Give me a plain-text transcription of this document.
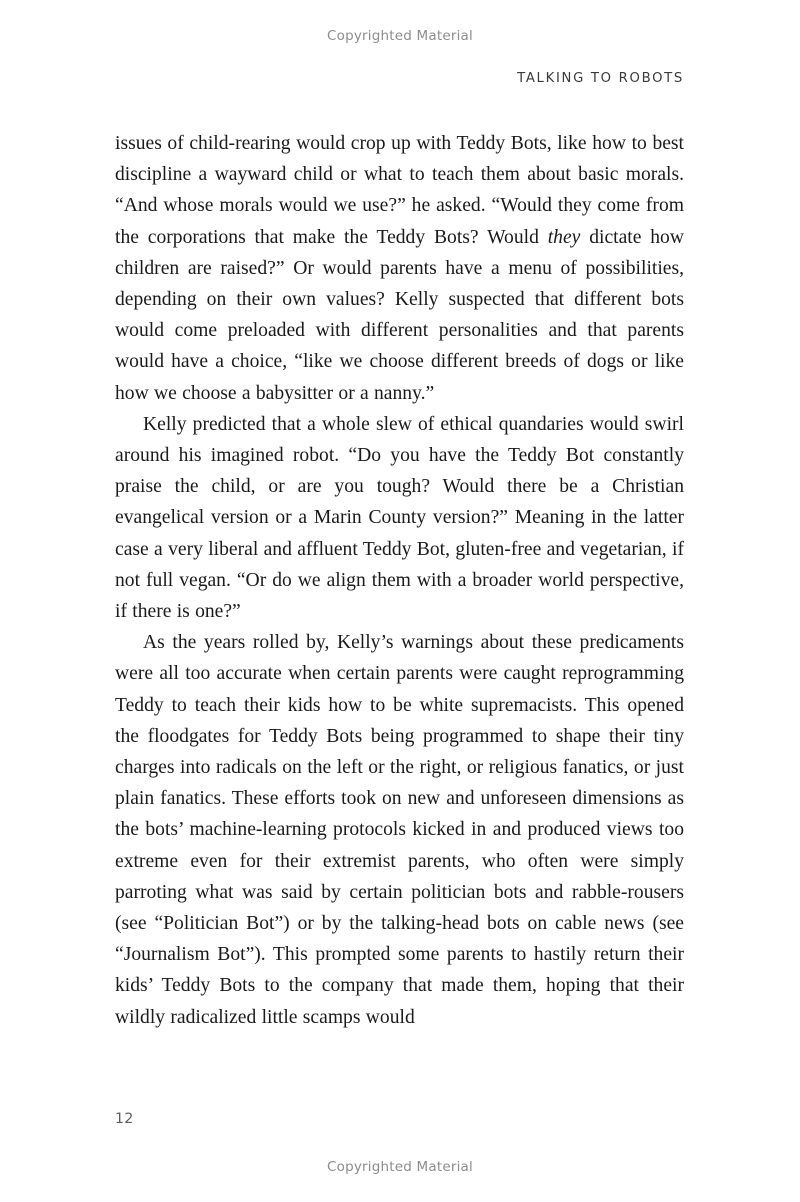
Copyrighted Material
TALKING TO ROBOTS

issues of child-rearing would crop up with Teddy Bots, like how to best discipline a wayward child or what to teach them about basic morals. “And whose morals would we use?” he asked. “Would they come from the corporations that make the Teddy Bots? Would they dictate how children are raised?” Or would parents have a menu of possibilities, depending on their own values? Kelly suspected that different bots would come preloaded with different personalities and that parents would have a choice, “like we choose different breeds of dogs or like how we choose a babysitter or a nanny.”

Kelly predicted that a whole slew of ethical quandaries would swirl around his imagined robot. “Do you have the Teddy Bot constantly praise the child, or are you tough? Would there be a Christian evangelical version or a Marin County version?” Meaning in the latter case a very liberal and affluent Teddy Bot, gluten-free and vegetarian, if not full vegan. “Or do we align them with a broader world perspective, if there is one?”

As the years rolled by, Kelly’s warnings about these predicaments were all too accurate when certain parents were caught reprogramming Teddy to teach their kids how to be white supremacists. This opened the floodgates for Teddy Bots being programmed to shape their tiny charges into radicals on the left or the right, or religious fanatics, or just plain fanatics. These efforts took on new and unforeseen dimensions as the bots’ machine-learning protocols kicked in and produced views too extreme even for their extremist parents, who often were simply parroting what was said by certain politician bots and rabble-rousers (see “Politician Bot”) or by the talking-head bots on cable news (see “Journalism Bot”). This prompted some parents to hastily return their kids’ Teddy Bots to the company that made them, hoping that their wildly radicalized little scamps would

12
Copyrighted Material
